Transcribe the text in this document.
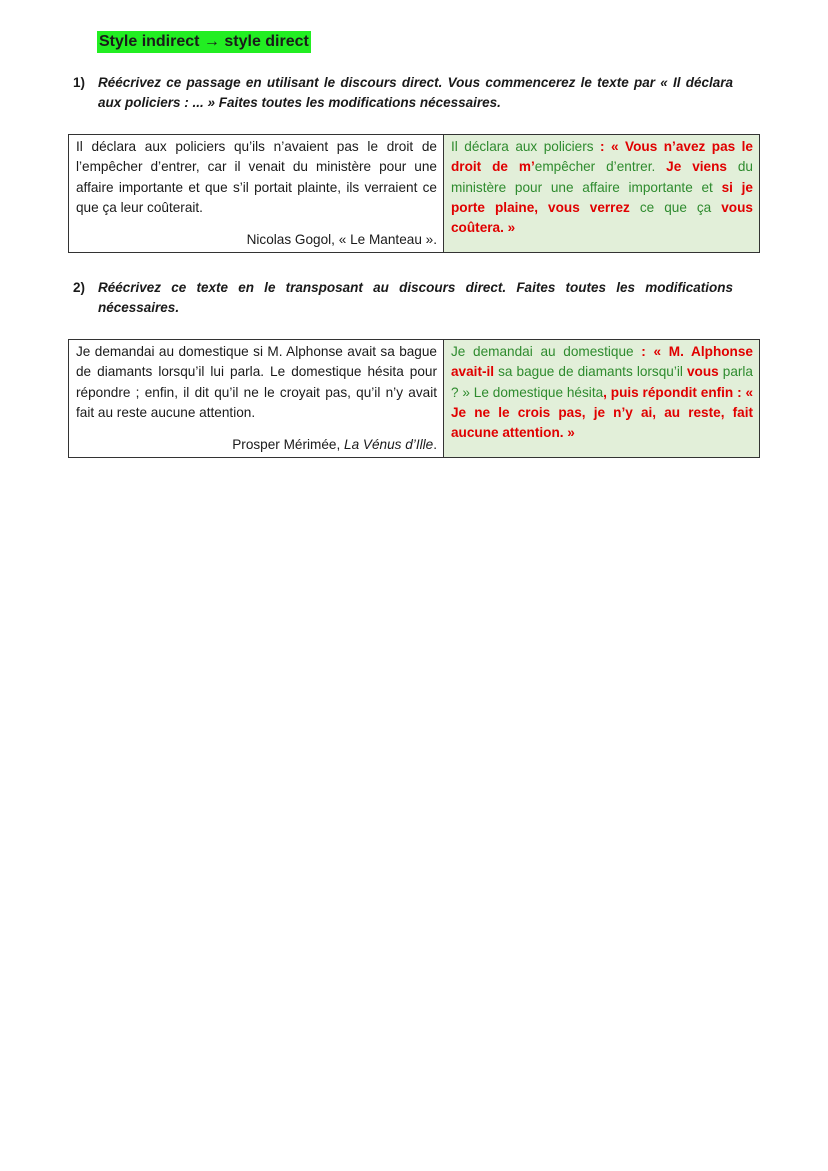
Style indirect → style direct
1) Réécrivez ce passage en utilisant le discours direct. Vous commencerez le texte par « Il déclara aux policiers : ... » Faites toutes les modifications nécessaires.
Il déclara aux policiers qu’ils n’avaient pas le droit de l’empêcher d’entrer, car il venait du ministère pour une affaire importante et que s’il portait plainte, ils verraient ce que ça leur coûterait.
Nicolas Gogol, « Le Manteau ».
	Il déclara aux policiers : « Vous n’avez pas le droit de m’empêcher d’entrer. Je viens du ministère pour une affaire importante et si je porte plaine, vous verrez ce que ça vous coûtera. »
2) Réécrivez ce texte en le transposant au discours direct. Faites toutes les modifications nécessaires.
Je demandai au domestique si M. Alphonse avait sa bague de diamants lorsqu’il lui parla. Le domestique hésita pour répondre ; enfin, il dit qu’il ne le croyait pas, qu’il n’y avait fait au reste aucune attention.
Prosper Mérimée, La Vénus d’Ille.
	Je demandai au domestique : « M. Alphonse avait-il sa bague de diamants lorsqu’il vous parla ? » Le domestique hésita, puis répondit enfin : « Je ne le crois pas, je n’y ai, au reste, fait aucune attention. »
